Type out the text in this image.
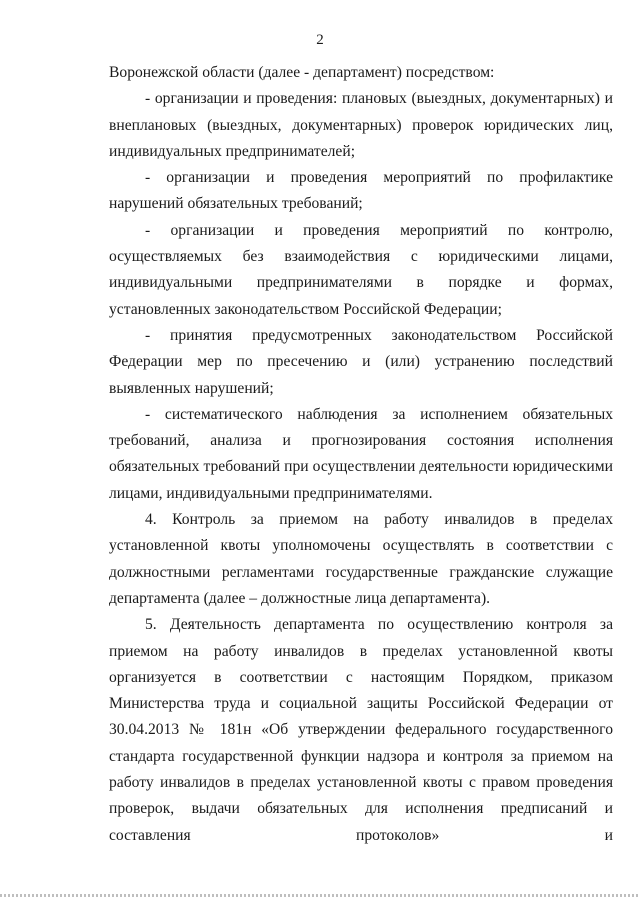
2

Воронежской области (далее - департамент) посредством:

- организации и проведения: плановых (выездных, документарных) и внеплановых (выездных, документарных) проверок юридических лиц, индивидуальных предпринимателей;

- организации и проведения мероприятий по профилактике нарушений обязательных требований;

- организации и проведения мероприятий по контролю, осуществляемых без взаимодействия с юридическими лицами, индивидуальными предпринимателями в порядке и формах, установленных законодательством Российской Федерации;

- принятия предусмотренных законодательством Российской Федерации мер по пресечению и (или) устранению последствий выявленных нарушений;

- систематического наблюдения за исполнением обязательных требований, анализа и прогнозирования состояния исполнения обязательных требований при осуществлении деятельности юридическими лицами, индивидуальными предпринимателями.

4. Контроль за приемом на работу инвалидов в пределах установленной квоты уполномочены осуществлять в соответствии с должностными регламентами государственные гражданские служащие департамента (далее – должностные лица департамента).

5. Деятельность департамента по осуществлению контроля за приемом на работу инвалидов в пределах установленной квоты организуется в соответствии с настоящим Порядком, приказом Министерства труда и социальной защиты Российской Федерации от 30.04.2013 № 181н «Об утверждении федерального государственного стандарта государственной функции надзора и контроля за приемом на работу инвалидов в пределах установленной квоты с правом проведения проверок, выдачи обязательных для исполнения предписаний и составления протоколов» и
